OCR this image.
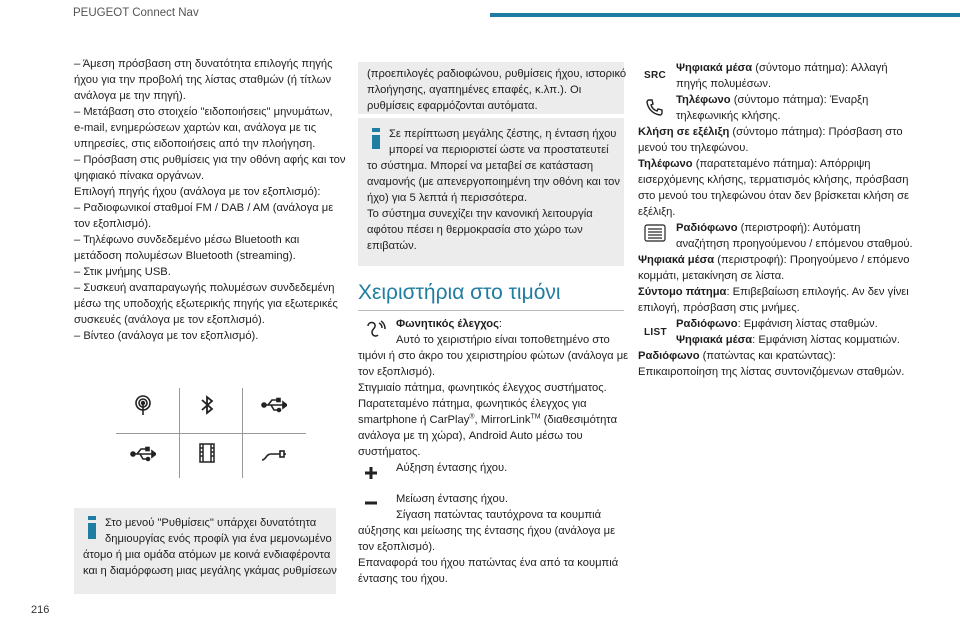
PEUGEOT Connect Nav

– Άμεση πρόσβαση στη δυνατότητα επιλογής πηγής

ήχου για την προβολή της λίστας σταθμών (ή τίτλων

ανάλογα με την πηγή).

– Μετάβαση στο στοιχείο "ειδοποιήσεις" μηνυμάτων,

e-mail, ενημερώσεων χαρτών και, ανάλογα με τις

υπηρεσίες, στις ειδοποιήσεις από την πλοήγηση.

– Πρόσβαση στις ρυθμίσεις για την οθόνη αφής και τον

ψηφιακό πίνακα οργάνων.

Επιλογή πηγής ήχου (ανάλογα με τον εξοπλισμό):

– Ραδιοφωνικοί σταθμοί FM / DAB / AM (ανάλογα με

τον εξοπλισμό).

– Τηλέφωνο συνδεδεμένο μέσω Bluetooth και

μετάδοση πολυμέσων Bluetooth (streaming).

– Στικ μνήμης USB.

– Συσκευή αναπαραγωγής πολυμέσων συνδεδεμένη

μέσω της υποδοχής εξωτερικής πηγής για εξωτερικές

συσκευές (ανάλογα με τον εξοπλισμό).

– Βίντεο (ανάλογα με τον εξοπλισμό).

Στο μενού "Ρυθμίσεις" υπάρχει δυνατότητα

δημιουργίας ενός προφίλ για ένα μεμονωμένο

άτομο ή μια ομάδα ατόμων με κοινά ενδιαφέροντα

και η διαμόρφωση μιας μεγάλης γκάμας ρυθμίσεων

216

(προεπιλογές ραδιοφώνου, ρυθμίσεις ήχου, ιστορικό

πλοήγησης, αγαπημένες επαφές, κ.λπ.). Οι

ρυθμίσεις εφαρμόζονται αυτόματα.

Σε περίπτωση μεγάλης ζέστης, η ένταση ήχου

μπορεί να περιοριστεί ώστε να προστατευτεί

το σύστημα. Μπορεί να μεταβεί σε κατάσταση

αναμονής (με απενεργοποιημένη την οθόνη και τον

ήχο) για 5 λεπτά ή περισσότερα.

Το σύστημα συνεχίζει την κανονική λειτουργία

αφότου πέσει η θερμοκρασία στο χώρο των

επιβατών.

Χειριστήρια στο τιμόνι

Φωνητικός έλεγχος:

Αυτό το χειριστήριο είναι τοποθετημένο στο

τιμόνι ή στο άκρο του χειριστηρίου φώτων (ανάλογα με

τον εξοπλισμό).

Στιγμιαίο πάτημα, φωνητικός έλεγχος συστήματος.

Παρατεταμένο πάτημα, φωνητικός έλεγχος για

smartphone ή CarPlay®, MirrorLink™ (διαθεσιμότητα

ανάλογα με τη χώρα), Android Auto μέσω του

συστήματος.

Αύξηση έντασης ήχου.

Μείωση έντασης ήχου.

Σίγαση πατώντας ταυτόχρονα τα κουμπιά

αύξησης και μείωσης της έντασης ήχου (ανάλογα με

τον εξοπλισμό).

Επαναφορά του ήχου πατώντας ένα από τα κουμπιά

έντασης του ήχου.

SRC

Ψηφιακά μέσα (σύντομο πάτημα): Αλλαγή

πηγής πολυμέσων.

Τηλέφωνο (σύντομο πάτημα): Έναρξη

τηλεφωνικής κλήσης.

Κλήση σε εξέλιξη (σύντομο πάτημα): Πρόσβαση στο

μενού του τηλεφώνου.

Τηλέφωνο (παρατεταμένο πάτημα): Απόρριψη

εισερχόμενης κλήσης, τερματισμός κλήσης, πρόσβαση

στο μενού του τηλεφώνου όταν δεν βρίσκεται κλήση σε

εξέλιξη.

Ραδιόφωνο (περιστροφή): Αυτόματη

αναζήτηση προηγούμενου / επόμενου σταθμού.

Ψηφιακά μέσα (περιστροφή): Προηγούμενο / επόμενο

κομμάτι, μετακίνηση σε λίστα.

Σύντομο πάτημα: Επιβεβαίωση επιλογής. Αν δεν γίνει

επιλογή, πρόσβαση στις μνήμες.

Ραδιόφωνο: Εμφάνιση λίστας σταθμών.

Ψηφιακά μέσα: Εμφάνιση λίστας κομματιών.

Ραδιόφωνο (πατώντας και κρατώντας):

Επικαιροποίηση της λίστας συντονιζόμενων σταθμών.

LIST
